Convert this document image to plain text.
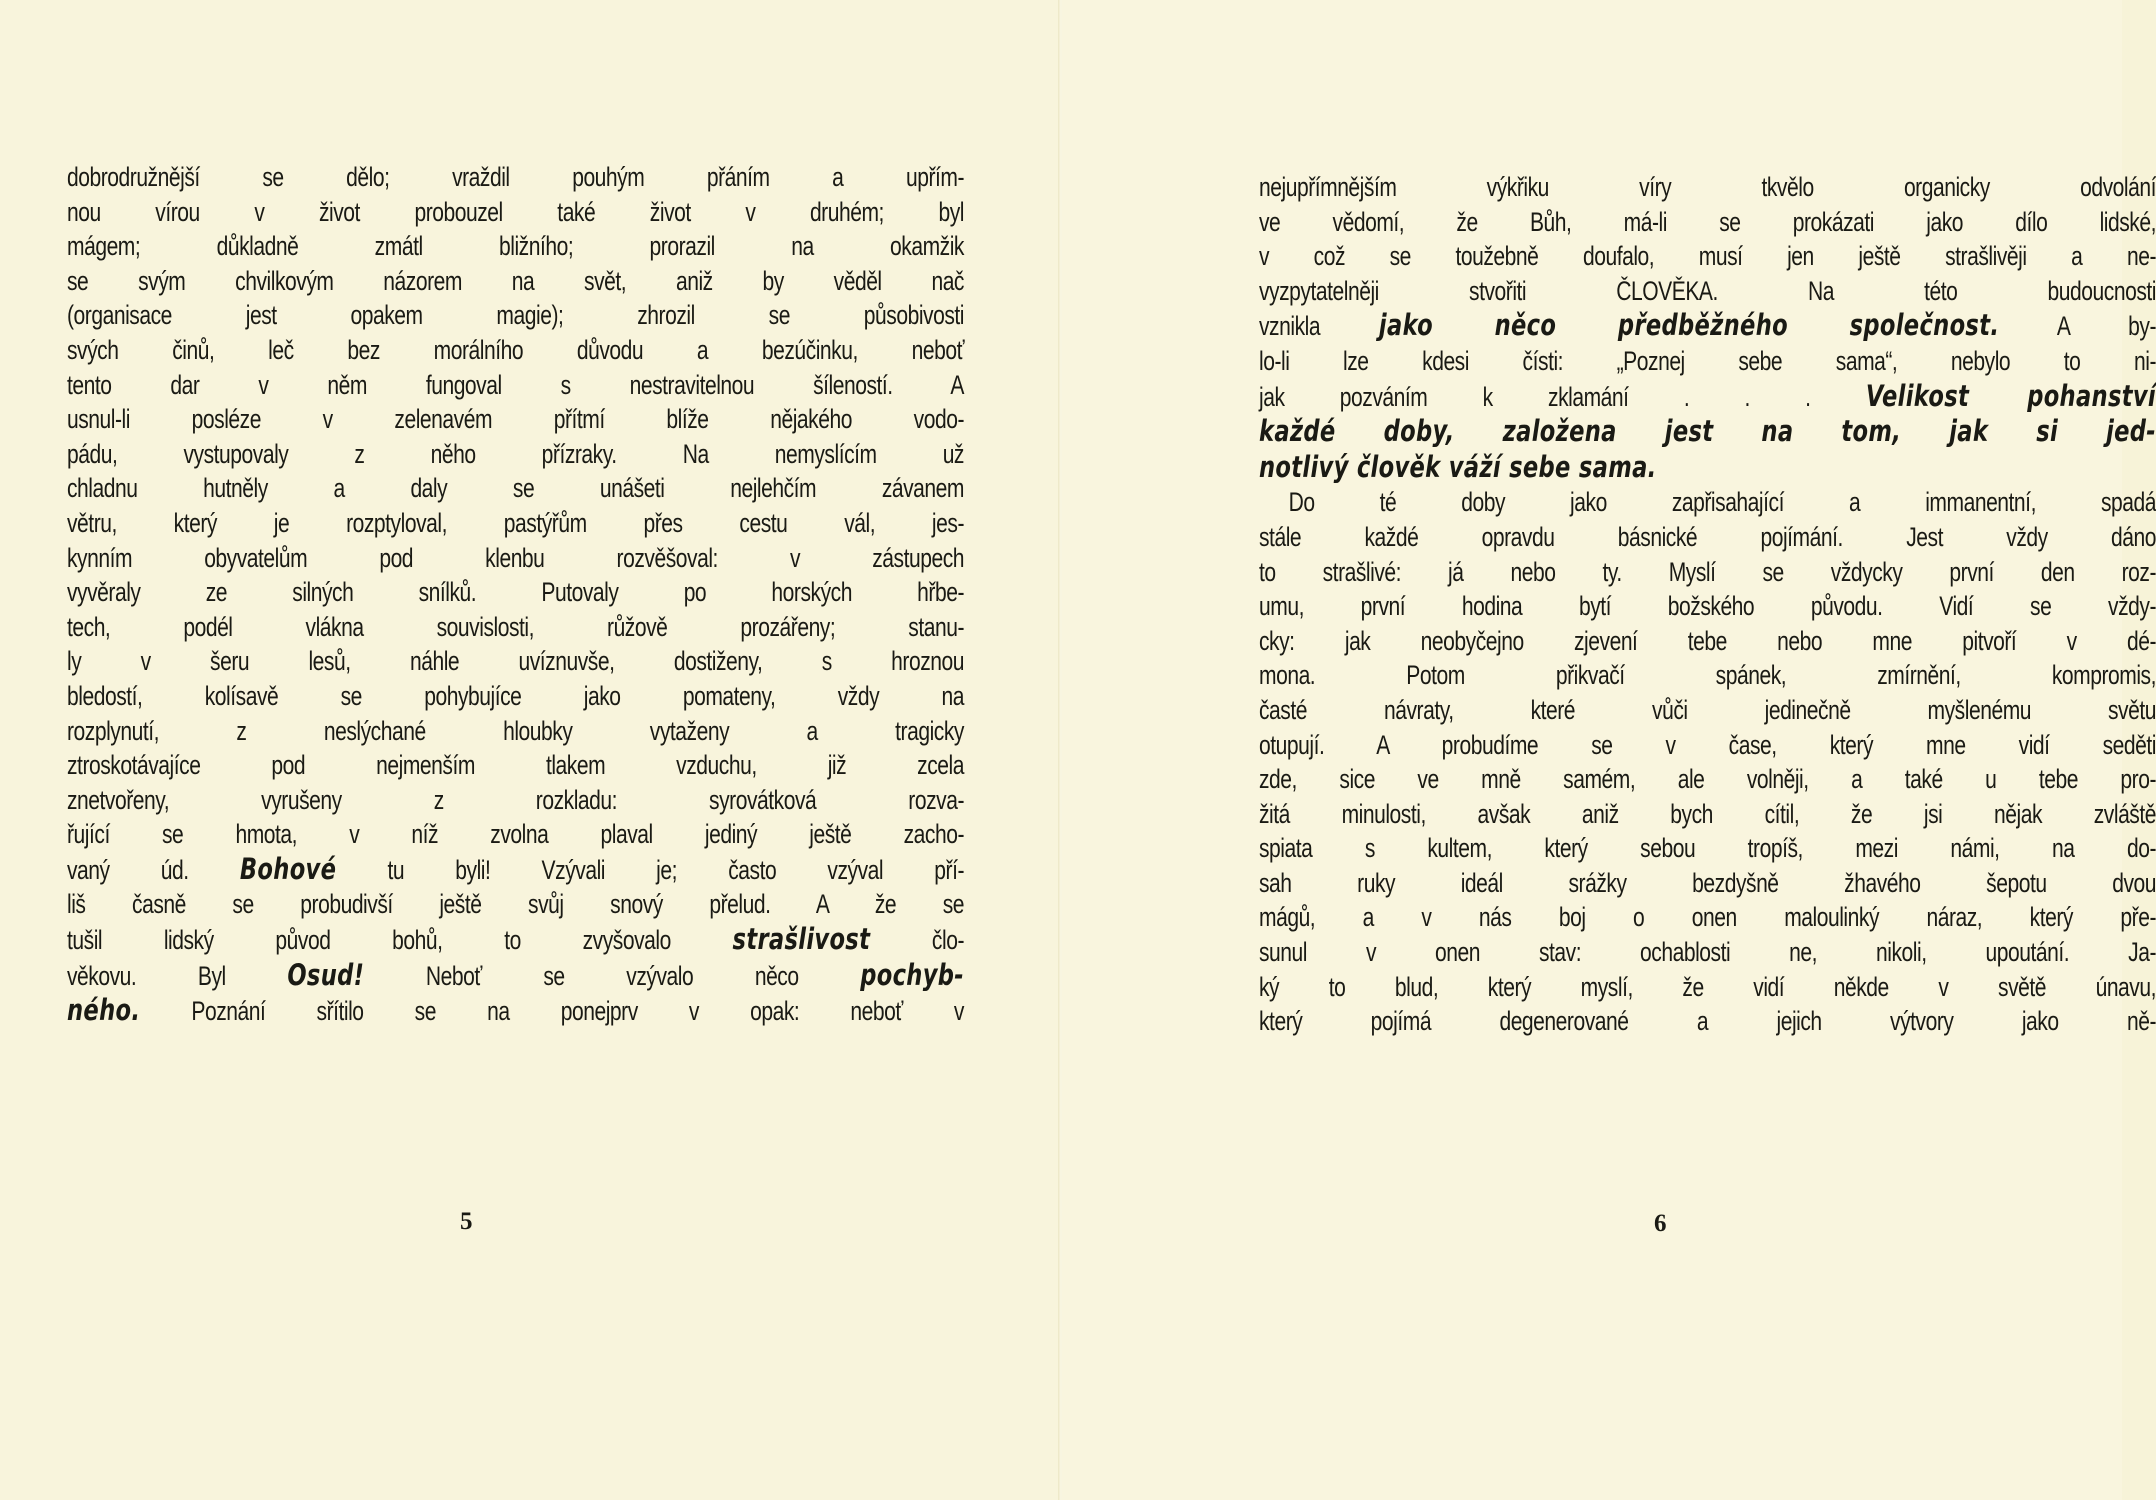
dobrodružnější se dělo; vraždil pouhým přáním a upřím-
nou vírou v život probouzel také život v druhém; byl
mágem; důkladně zmátl bližního; prorazil na okamžik
se svým chvilkovým názorem na svět, aniž by věděl nač
(organisace jest opakem magie); zhrozil se působivosti
svých činů, leč bez morálního důvodu a bezúčinku, neboť
tento dar v něm fungoval s nestravitelnou šíleností. A
usnul-li posléze v zelenavém přítmí blíže nějakého vodo-
pádu, vystupovaly z něho přízraky. Na nemyslícím už
chladnu hutněly a daly se unášeti nejlehčím závanem
větru, který je rozptyloval, pastýřům přes cestu vál, jes-
kynním obyvatelům pod klenbu rozvěšoval: v zástupech
vyvěraly ze silných snílků. Putovaly po horských hřbe-
tech, podél vlákna souvislosti, růžově prozářeny; stanu-
ly v šeru lesů, náhle uvíznuvše, dostiženy, s hroznou
bledostí, kolísavě se pohybujíce jako pomateny, vždy na
rozplynutí, z neslýchané hloubky vytaženy a tragicky
ztroskotávajíce pod nejmenším tlakem vzduchu, již zcela
znetvořeny, vyrušeny z rozkladu: syrovátková rozva-
řující se hmota, v níž zvolna plaval jediný ještě zacho-
vaný úd. Bohové tu byli! Vzývali je; často vzýval pří-
liš časně se probudivší ještě svůj snový přelud. A že se
tušil lidský původ bohů, to zvyšovalo strašlivost člo-
věkovu. Byl Osud! Neboť se vzývalo něco pochyb-
ného. Poznání sřítilo se na ponejprv v opak: neboť v
5
nejupřímnějším výkřiku víry tkvělo organicky odvolání
ve vědomí, že Bůh, má-li se prokázati jako dílo lidské,
v což se toužebně doufalo, musí jen ještě strašlivěji a ne-
vyzpytatelněji stvořiti ČLOVĚKA. Na této budoucnosti
vznikla jako něco předběžného společnost. A by-
lo-li lze kdesi čísti: „Poznej sebe sama“, nebylo to ni-
jak pozváním k zklamání . . . Velikost pohanství
každé doby, založena jest na tom, jak si jed-
notlivý člověk váží sebe sama.
Do té doby jako zapřisahající a immanentní, spadá
stále každé opravdu básnické pojímání. Jest vždy dáno
to strašlivé: já nebo ty. Myslí se vždycky první den roz-
umu, první hodina bytí božského původu. Vidí se vždy-
cky: jak neobyčejno zjevení tebe nebo mne pitvoří v dé-
mona. Potom přikvačí spánek, zmírnění, kompromis,
časté návraty, které vůči jedinečně myšlenému světu
otupují. A probudíme se v čase, který mne vidí seděti
zde, sice ve mně samém, ale volněji, a také u tebe pro-
žitá minulosti, avšak aniž bych cítil, že jsi nějak zvláště
spiata s kultem, který sebou tropíš, mezi námi, na do-
sah ruky ideál srážky bezdyšně žhavého šepotu dvou
mágů, a v nás boj o onen maloulinký náraz, který pře-
sunul v onen stav: ochablosti ne, nikoli, upoutání. Ja-
ký to blud, který myslí, že vidí někde v světě únavu,
který pojímá degenerované a jejich výtvory jako ně-
6
